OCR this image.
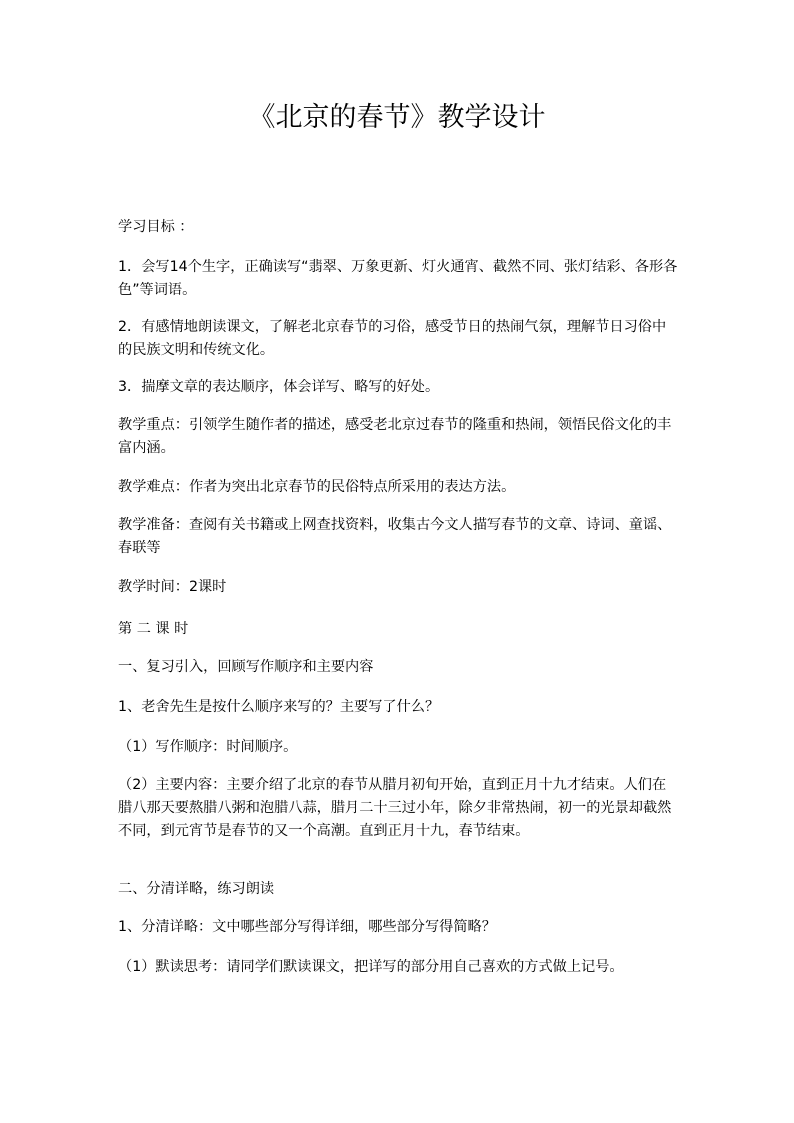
《北京的春节》教学设计

学习目标 ：

1．会写14个生字，正确读写“翡翠、万象更新、灯火通宵、截然不同、张灯结彩、各形各色”等词语。

2．有感情地朗读课文，了解老北京春节的习俗，感受节日的热闹气氛，理解节日习俗中的民族文明和传统文化。

3．揣摩文章的表达顺序，体会详写、略写的好处。

教学重点：引领学生随作者的描述，感受老北京过春节的隆重和热闹，领悟民俗文化的丰富内涵。

教学难点：作者为突出北京春节的民俗特点所采用的表达方法。

教学准备：查阅有关书籍或上网查找资料，收集古今文人描写春节的文章、诗词、童谣、春联等

教学时间：2课时

第 二 课 时

一、复习引入，回顾写作顺序和主要内容

1、老舍先生是按什么顺序来写的？主要写了什么？

（1）写作顺序：时间顺序。

（2）主要内容：主要介绍了北京的春节从腊月初旬开始，直到正月十九才结束。人们在腊八那天要熬腊八粥和泡腊八蒜，腊月二十三过小年，除夕非常热闹，初一的光景却截然不同，到元宵节是春节的又一个高潮。直到正月十九，春节结束。

二、分清详略，练习朗读

1、分清详略：文中哪些部分写得详细，哪些部分写得简略？

（1）默读思考：请同学们默读课文，把详写的部分用自己喜欢的方式做上记号。
